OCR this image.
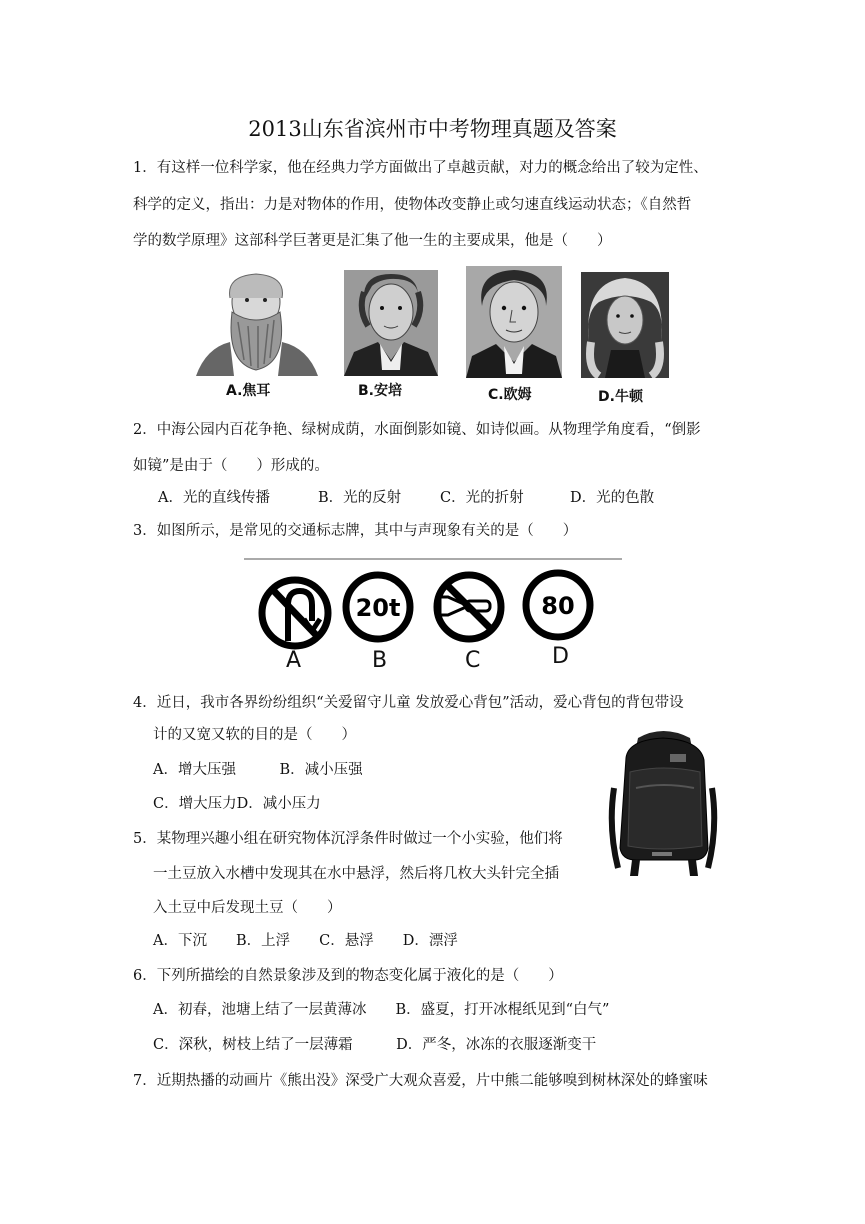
2013山东省滨州市中考物理真题及答案
1．有这样一位科学家，他在经典力学方面做出了卓越贡献，对力的概念给出了较为定性、
科学的定义，指出：力是对物体的作用，使物体改变静止或匀速直线运动状态；《自然哲
学的数学原理》这部科学巨著更是汇集了他一生的主要成果，他是（　　）
A.焦耳	B.安培	C.欧姆	D.牛顿
2．中海公园内百花争艳、绿树成荫，水面倒影如镜、如诗似画。从物理学角度看，“倒影
如镜”是由于（　　）形成的。
A．光的直线传播	B．光的反射	C．光的折射	D．光的色散
3．如图所示，是常见的交通标志牌，其中与声现象有关的是（　　）
20t	80
A	B	C	D
4．近日，我市各界纷纷组织“关爱留守儿童 发放爱心背包”活动，爱心背包的背包带设
计的又宽又软的目的是（　　）
A．增大压强　　　B．减小压强
C．增大压力D．减小压力
5．某物理兴趣小组在研究物体沉浮条件时做过一个小实验，他们将
一土豆放入水槽中发现其在水中悬浮，然后将几枚大头针完全插
入土豆中后发现土豆（　　）
A．下沉　　B．上浮　　C．悬浮　　D．漂浮
6．下列所描绘的自然景象涉及到的物态变化属于液化的是（　　）
A．初春，池塘上结了一层黄薄冰　　B．盛夏，打开冰棍纸见到“白气”
C．深秋，树枝上结了一层薄霜　　　D．严冬，冰冻的衣服逐渐变干
7．近期热播的动画片《熊出没》深受广大观众喜爱，片中熊二能够嗅到树林深处的蜂蜜味
